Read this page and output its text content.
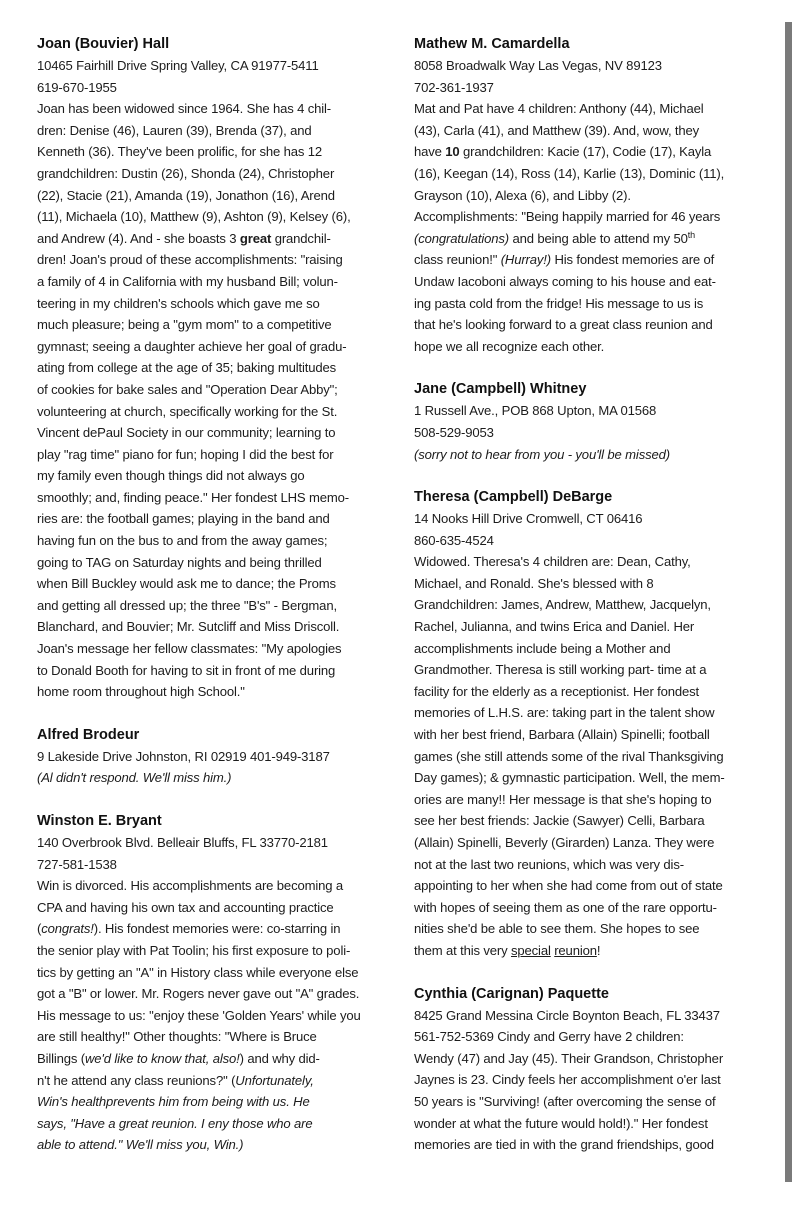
Joan (Bouvier) Hall
10465 Fairhill Drive Spring Valley, CA 91977-5411
619-670-1955
Joan has been widowed since 1964. She has 4 chil-
dren: Denise (46), Lauren (39), Brenda (37), and
Kenneth (36). They've been prolific, for she has 12
grandchildren: Dustin (26), Shonda (24), Christopher
(22), Stacie (21), Amanda (19), Jonathon (16), Arend
(11), Michaela (10), Matthew (9), Ashton (9), Kelsey (6),
and Andrew (4). And - she boasts 3 great grandchil-
dren! Joan's proud of these accomplishments: "raising
a family of 4 in California with my husband Bill; volun-
teering in my children's schools which gave me so
much pleasure; being a "gym mom" to a competitive
gymnast; seeing a daughter achieve her goal of gradu-
ating from college at the age of 35; baking multitudes
of cookies for bake sales and "Operation Dear Abby";
volunteering at church, specifically working for the St.
Vincent dePaul Society in our community; learning to
play "rag time" piano for fun; hoping I did the best for
my family even though things did not always go
smoothly; and, finding peace." Her fondest LHS memo-
ries are: the football games; playing in the band and
having fun on the bus to and from the away games;
going to TAG on Saturday nights and being thrilled
when Bill Buckley would ask me to dance; the Proms
and getting all dressed up; the three "B's" - Bergman,
Blanchard, and Bouvier; Mr. Sutcliff and Miss Driscoll.
Joan's message her fellow classmates: "My apologies
to Donald Booth for having to sit in front of me during
home room throughout high School."
Alfred Brodeur
9 Lakeside Drive Johnston, RI 02919 401-949-3187
(Al didn't respond. We'll miss him.)
Winston E. Bryant
140 Overbrook Blvd. Belleair Bluffs, FL 33770-2181
727-581-1538
Win is divorced. His accomplishments are becoming a
CPA and having his own tax and accounting practice
(congrats!). His fondest memories were: co-starring in
the senior play with Pat Toolin; his first exposure to poli-
tics by getting an "A" in History class while everyone else
got a "B" or lower. Mr. Rogers never gave out "A" grades.
His message to us: "enjoy these 'Golden Years' while you
are still healthy!" Other thoughts: "Where is Bruce
Billings (we'd like to know that, also!) and why did-
n't he attend any class reunions?" (Unfortunately,
Win's healthprevents him from being with us. He
says, "Have a great reunion. I eny those who are
able to attend." We'll miss you, Win.)
Mathew M. Camardella
8058 Broadwalk Way Las Vegas, NV 89123
702-361-1937
Mat and Pat have 4 children: Anthony (44), Michael
(43), Carla (41), and Matthew (39). And, wow, they
have 10 grandchildren: Kacie (17), Codie (17), Kayla
(16), Keegan (14), Ross (14), Karlie (13), Dominic (11),
Grayson (10), Alexa (6), and Libby (2).
Accomplishments: "Being happily married for 46 years
(congratulations) and being able to attend my 50th
class reunion!" (Hurray!) His fondest memories are of
Undaw Iacoboni always coming to his house and eat-
ing pasta cold from the fridge! His message to us is
that he's looking forward to a great class reunion and
hope we all recognize each other.
Jane (Campbell) Whitney
1 Russell Ave., POB 868 Upton, MA 01568
508-529-9053
(sorry not to hear from you - you'll be missed)
Theresa (Campbell) DeBarge
14 Nooks Hill Drive Cromwell, CT 06416
860-635-4524
Widowed. Theresa's 4 children are: Dean, Cathy,
Michael, and Ronald. She's blessed with 8
Grandchildren: James, Andrew, Matthew, Jacquelyn,
Rachel, Julianna, and twins Erica and Daniel. Her
accomplishments include being a Mother and
Grandmother. Theresa is still working part- time at a
facility for the elderly as a receptionist. Her fondest
memories of L.H.S. are: taking part in the talent show
with her best friend, Barbara (Allain) Spinelli; football
games (she still attends some of the rival Thanksgiving
Day games); & gymnastic participation. Well, the mem-
ories are many!! Her message is that she's hoping to
see her best friends: Jackie (Sawyer) Celli, Barbara
(Allain) Spinelli, Beverly (Girarden) Lanza. They were
not at the last two reunions, which was very dis-
appointing to her when she had come from out of state
with hopes of seeing them as one of the rare opportu-
nities she'd be able to see them. She hopes to see
them at this very special reunion!
Cynthia (Carignan) Paquette
8425 Grand Messina Circle Boynton Beach, FL 33437
561-752-5369 Cindy and Gerry have 2 children:
Wendy (47) and Jay (45). Their Grandson, Christopher
Jaynes is 23. Cindy feels her accomplishment o'er last
50 years is "Surviving! (after overcoming the sense of
wonder at what the future would hold!)." Her fondest
memories are tied in with the grand friendships, good
